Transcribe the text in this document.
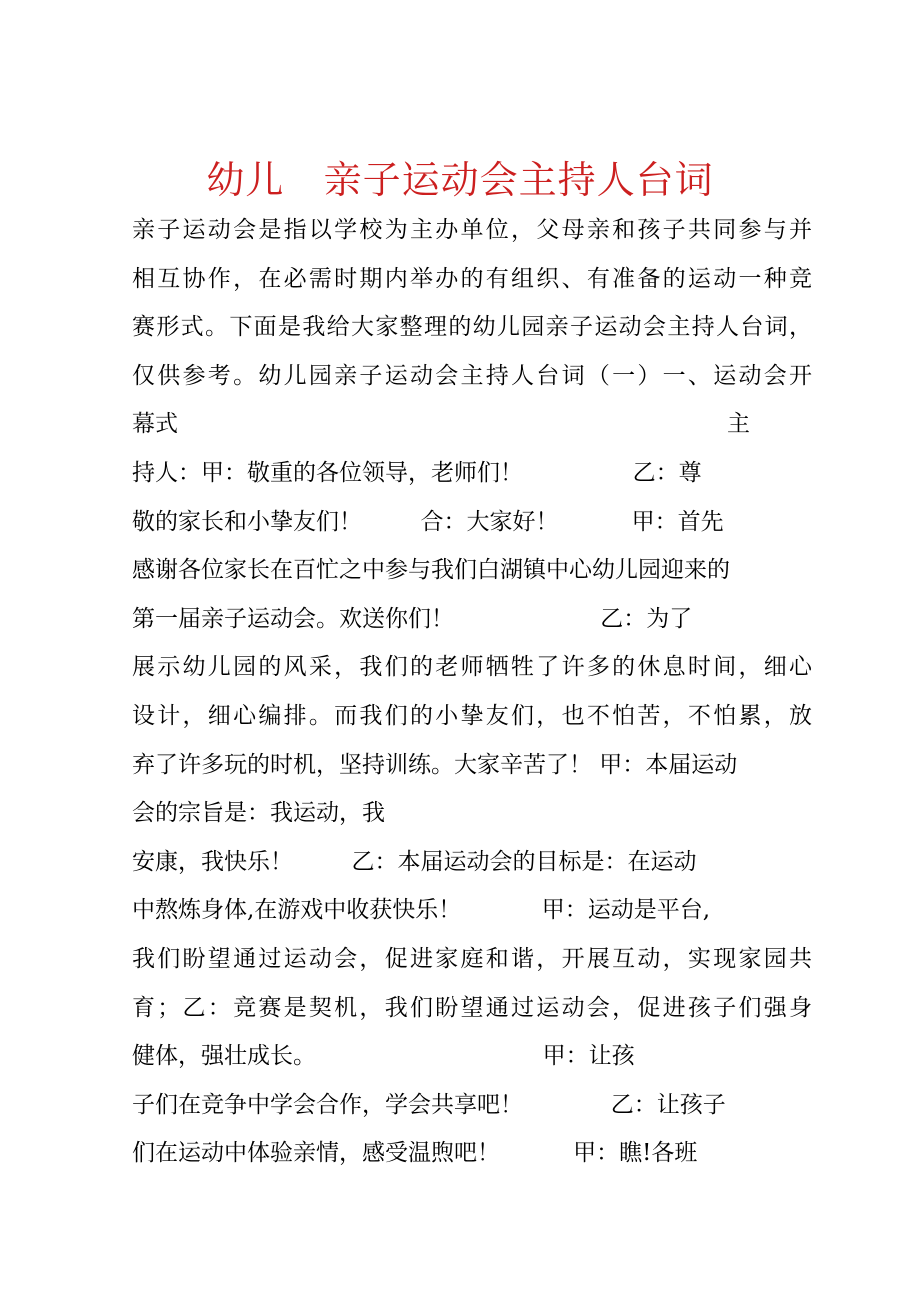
幼儿   亲子运动会主持人台词
亲子运动会是指以学校为主办单位，父母亲和孩子共同参与并
相互协作，在必需时期内举办的有组织、有准备的运动一种竞
赛形式。下面是我给大家整理的幼儿园亲子运动会主持人台词，
仅供参考。幼儿园亲子运动会主持人台词（一）一、运动会开
幕式	主
持人：甲：敬重的各位领导，老师们！               乙：尊
敬的家长和小挚友们！        合：大家好！          甲：首先
感谢各位家长在百忙之中参与我们白湖镇中心幼儿园迎来的
第一届亲子运动会。欢送你们！                    乙：为了
展示幼儿园的风采，我们的老师牺牲了许多的休息时间，细心
设计，细心编排。而我们的小挚友们，也不怕苦，不怕累，放
弃了许多玩的时机，坚持训练。大家辛苦了！ 甲：本届运动
会的宗旨是：我运动，我
安康，我快乐！        乙：本届运动会的目标是：在运动
中熬炼身体,在游戏中收获快乐！           甲：运动是平台,
我们盼望通过运动会，促进家庭和谐，开展互动，实现家园共
育；乙：竞赛是契机，我们盼望通过运动会，促进孩子们强身
健体，强壮成长。                               甲：让孩
子们在竞争中学会合作，学会共享吧！            乙：让孩子
们在运动中体验亲情，感受温煦吧！          甲：瞧!各班
